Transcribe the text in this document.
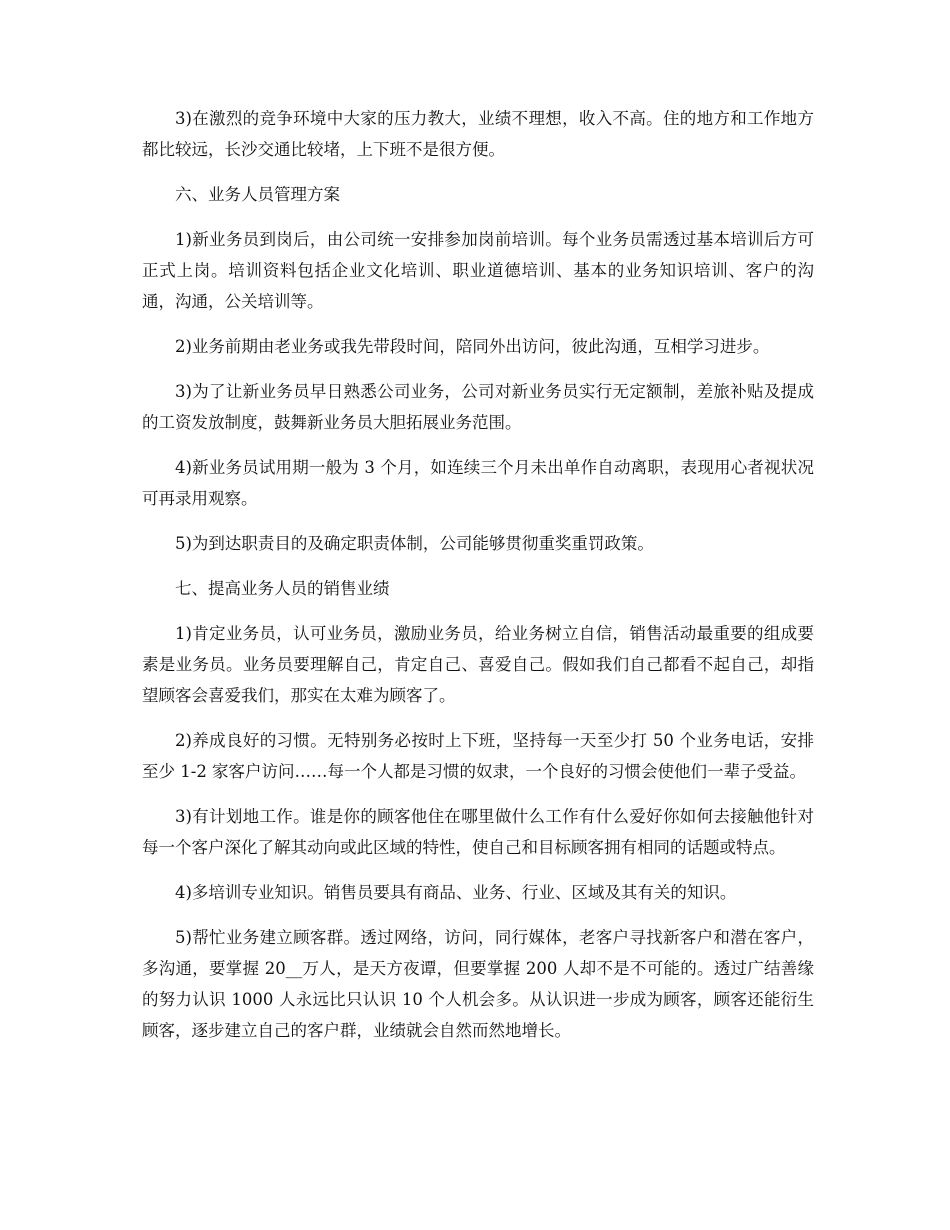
3)在激烈的竞争环境中大家的压力教大，业绩不理想，收入不高。住的地方和工作地方都比较远，长沙交通比较堵，上下班不是很方便。

六、业务人员管理方案

1)新业务员到岗后，由公司统一安排参加岗前培训。每个业务员需透过基本培训后方可正式上岗。培训资料包括企业文化培训、职业道德培训、基本的业务知识培训、客户的沟通，沟通，公关培训等。

2)业务前期由老业务或我先带段时间，陪同外出访问，彼此沟通，互相学习进步。

3)为了让新业务员早日熟悉公司业务，公司对新业务员实行无定额制，差旅补贴及提成的工资发放制度，鼓舞新业务员大胆拓展业务范围。

4)新业务员试用期一般为 3 个月，如连续三个月未出单作自动离职，表现用心者视状况可再录用观察。

5)为到达职责目的及确定职责体制，公司能够贯彻重奖重罚政策。

七、提高业务人员的销售业绩

1)肯定业务员，认可业务员，激励业务员，给业务树立自信，销售活动最重要的组成要素是业务员。业务员要理解自己，肯定自己、喜爱自己。假如我们自己都看不起自己，却指望顾客会喜爱我们，那实在太难为顾客了。

2)养成良好的习惯。无特别务必按时上下班，坚持每一天至少打 50 个业务电话，安排至少 1-2 家客户访问……每一个人都是习惯的奴隶，一个良好的习惯会使他们一辈子受益。

3)有计划地工作。谁是你的顾客他住在哪里做什么工作有什么爱好你如何去接触他针对每一个客户深化了解其动向或此区域的特性，使自己和目标顾客拥有相同的话题或特点。

4)多培训专业知识。销售员要具有商品、业务、行业、区域及其有关的知识。

5)帮忙业务建立顾客群。透过网络，访问，同行媒体，老客户寻找新客户和潜在客户，多沟通，要掌握 20__万人，是天方夜谭，但要掌握 200 人却不是不可能的。透过广结善缘的努力认识 1000 人永远比只认识 10 个人机会多。从认识进一步成为顾客，顾客还能衍生顾客，逐步建立自己的客户群，业绩就会自然而然地增长。
